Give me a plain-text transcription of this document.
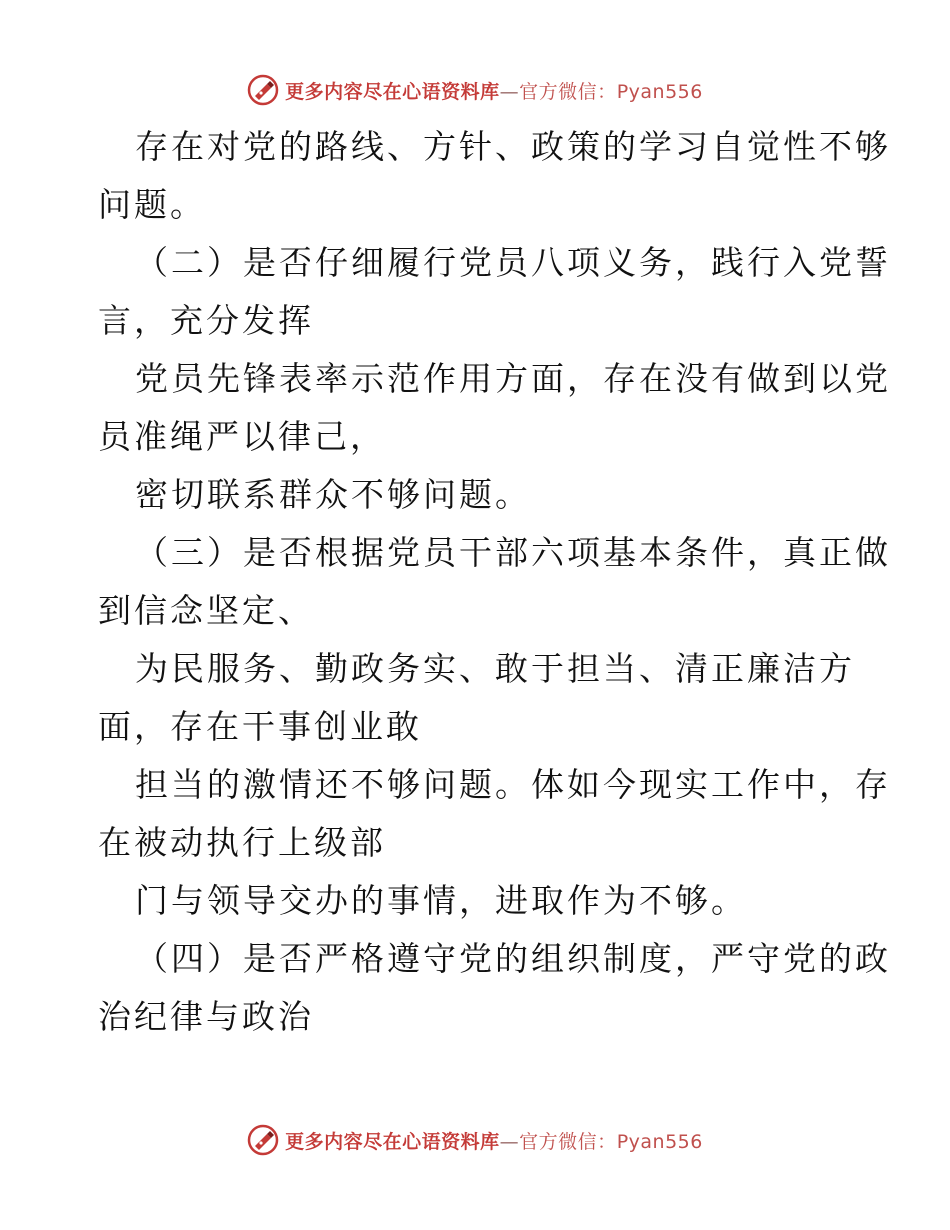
更多内容尽在心语资料库—官方微信：Pyan556
存在对党的路线、方针、政策的学习自觉性不够
问题。
（二）是否仔细履行党员八项义务，践行入党誓
言，充分发挥
党员先锋表率示范作用方面，存在没有做到以党
员准绳严以律己，
密切联系群众不够问题。
（三）是否根据党员干部六项基本条件，真正做
到信念坚定、
为民服务、勤政务实、敢于担当、清正廉洁方
面，存在干事创业敢
担当的激情还不够问题。体如今现实工作中，存
在被动执行上级部
门与领导交办的事情，进取作为不够。
（四）是否严格遵守党的组织制度，严守党的政
治纪律与政治
更多内容尽在心语资料库—官方微信：Pyan556
